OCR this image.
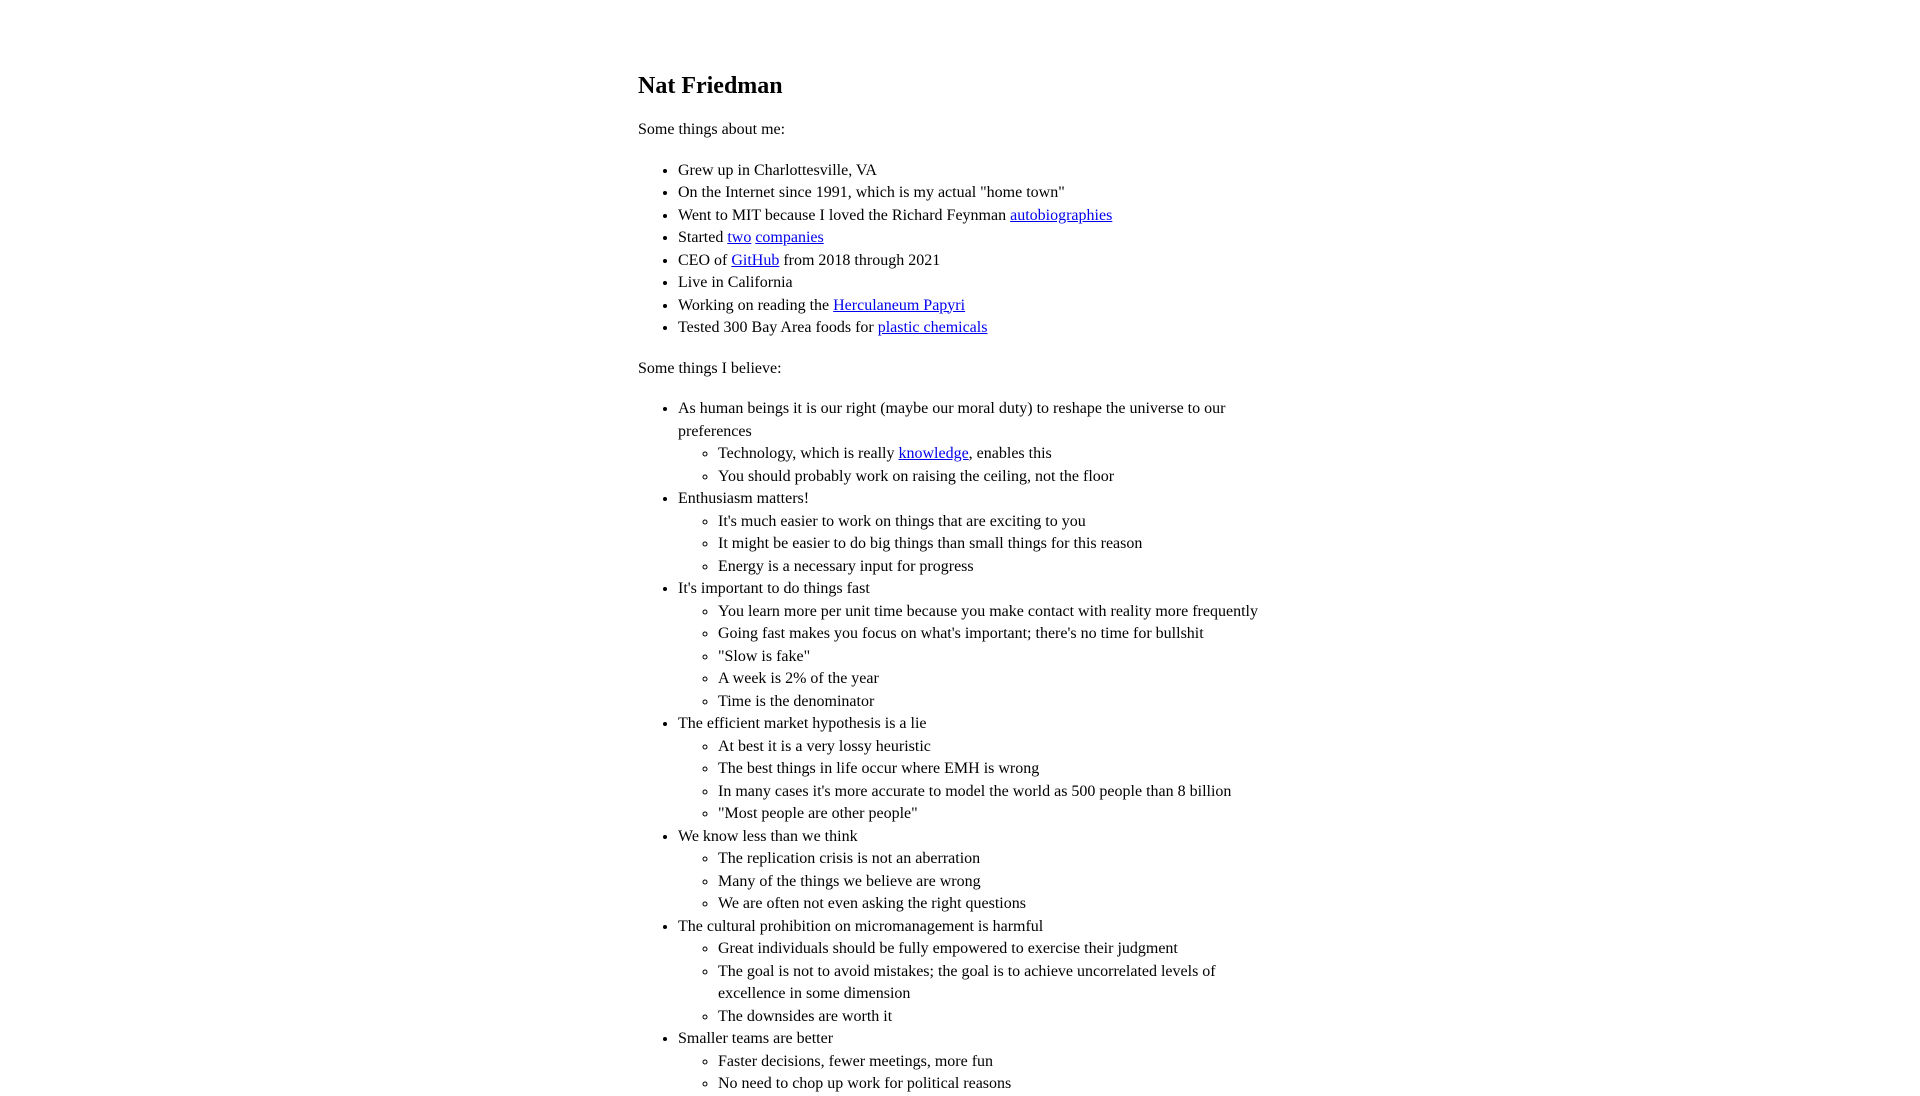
Nat Friedman

Some things about me:

• Grew up in Charlottesville, VA
• On the Internet since 1991, which is my actual "home town"
• Went to MIT because I loved the Richard Feynman autobiographies
• Started two companies
• CEO of GitHub from 2018 through 2021
• Live in California
• Working on reading the Herculaneum Papyri
• Tested 300 Bay Area foods for plastic chemicals

Some things I believe:

• As human beings it is our right (maybe our moral duty) to reshape the universe to our preferences
◦ Technology, which is really knowledge, enables this
◦ You should probably work on raising the ceiling, not the floor
• Enthusiasm matters!
◦ It's much easier to work on things that are exciting to you
◦ It might be easier to do big things than small things for this reason
◦ Energy is a necessary input for progress
• It's important to do things fast
◦ You learn more per unit time because you make contact with reality more frequently
◦ Going fast makes you focus on what's important; there's no time for bullshit
◦ "Slow is fake"
◦ A week is 2% of the year
◦ Time is the denominator
• The efficient market hypothesis is a lie
◦ At best it is a very lossy heuristic
◦ The best things in life occur where EMH is wrong
◦ In many cases it's more accurate to model the world as 500 people than 8 billion
◦ "Most people are other people"
• We know less than we think
◦ The replication crisis is not an aberration
◦ Many of the things we believe are wrong
◦ We are often not even asking the right questions
• The cultural prohibition on micromanagement is harmful
◦ Great individuals should be fully empowered to exercise their judgment
◦ The goal is not to avoid mistakes; the goal is to achieve uncorrelated levels of excellence in some dimension
◦ The downsides are worth it
• Smaller teams are better
◦ Faster decisions, fewer meetings, more fun
◦ No need to chop up work for political reasons
